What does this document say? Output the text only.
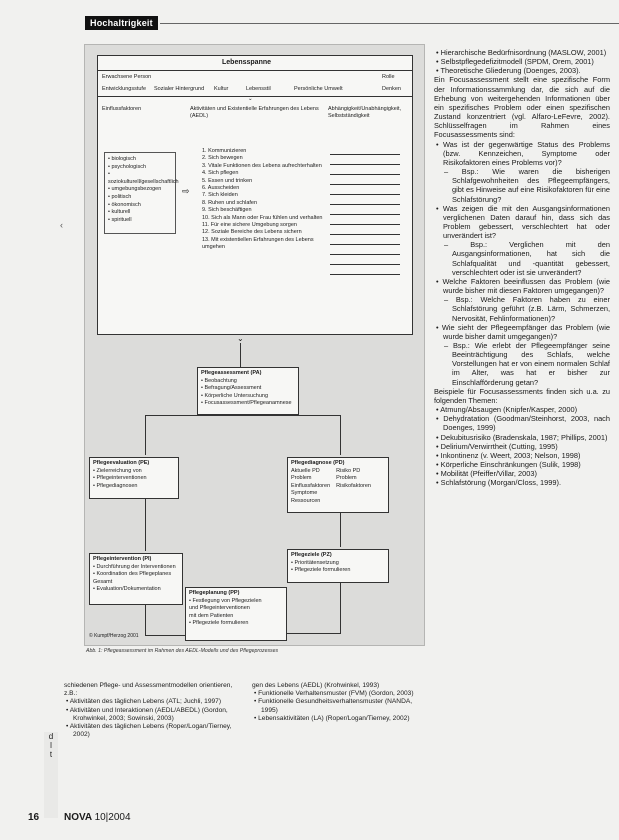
Hochaltrigkeit
Lebensspanne
Erwachsene Person	Rolle
Entwicklungsstufe Sozialer Hintergrund Kultur	Lebensstil	Persönliche Umwelt	Denken
⌄
Einflussfaktoren	Aktivitäten und Existentielle Erfahrungen des Lebens (AEDL)
Abhängigkeit/Unabhängigkeit, Selbstständigkeit
• biologisch
• psychologisch
• soziokulturell/gesellschaftlich
• umgebungsbezogen
• politisch
• ökonomisch
• kulturell
• spirituell
⇨
1. Kommunizieren
2. Sich bewegen
3. Vitale Funktionen des Lebens aufrechterhalten
4. Sich pflegen
5. Essen und trinken
6. Ausscheiden
7. Sich kleiden
8. Ruhen und schlafen
9. Sich beschäftigen
10. Sich als Mann oder Frau fühlen und verhalten
11. Für eine sichere Umgebung sorgen
12. Soziale Bereiche des Lebens sichern
13. Mit existentiellen Erfahrungen des Lebens umgehen
⌄
Pflegeassessment (PA)
• Beobachtung
• Befragung/Assessment
• Körperliche Untersuchung
• Focusassessment/Pflegeanamnese
Pflegeevaluation (PE)
• Zielerreichung von
• Pflegeinterventionen
• Pflegediagnosen
Pflegediagnose (PD)
Aktuelle PD
Problem
Einflussfaktoren
Symptome
Ressourcen
Risiko PD
Problem
Risikofaktoren
Pflegeintervention (PI)
• Durchführung der Interventionen
• Koordination des Pflegeplanes
Gesamt
• Evaluation/Dokumentation
Pflegeziele (PZ)
• Prioritätensetzung
• Pflegeziele formulieren
Pflegeplanung (PP)
• Festlegung von Pflegezielen
und Pflegeinterventionen
mit dem Patienten
• Pflegeziele formulieren
© Kumpf/Herzog 2001
Abb. 1: Pflegeassessment im Rahmen des AEDL-Modells und des Pflegeprozesses
‹

• Hierarchische Bedürfnisordnung (MASLOW, 2001)

• Selbstpflegedefizitmodell (SPDM, Orem, 2001)

• Theoretische Gliederung (Doenges, 2003).

Ein Focusassessment stellt eine spezifische Form der Informationssammlung dar, die sich auf die Erhebung von weitergehenden Informationen über ein spezifisches Problem oder einen spezifischen Zustand konzentriert (vgl. Alfaro-LeFevre, 2002). Schlüsselfragen im Rahmen eines Focusassessments sind:

• Was ist der gegenwärtige Status des Problems (bzw. Kennzeichen, Symptome oder Risikofaktoren eines Problems vor)?

– Bsp.: Wie waren die bisherigen Schlafgewohnheiten des Pflegeempfängers, gibt es Hinweise auf eine Risikofaktoren für eine Schlafstörung?

• Was zeigen die mit den Ausgangsinformationen verglichenen Daten darauf hin, dass sich das Problem gebessert, verschlechtert hat oder unverändert ist?

– Bsp.: Verglichen mit den Ausgangsinformationen, hat sich die Schlafqualität und -quantität gebessert, verschlechtert oder ist sie unverändert?

• Welche Faktoren beeinflussen das Problem (wie wurde bisher mit diesen Faktoren umgegangen)?

– Bsp.: Welche Faktoren haben zu einer Schlafstörung geführt (z.B. Lärm, Schmerzen, Nervosität, Fehlinformationen)?

• Wie sieht der Pflegeempfänger das Problem (wie wurde bisher damit umgegangen)?

– Bsp.: Wie erlebt der Pflegeempfänger seine Beeinträchtigung des Schlafs, welche Vorstellungen hat er von einem normalen Schlaf im Alter, was hat er bisher zur Einschlafförderung getan?

Beispiele für Focusassessments finden sich u.a. zu folgenden Themen:

• Atmung/Absaugen (Knipfer/Kasper, 2000)

• Dehydratation (Goodman/Steinhorst, 2003, nach Doenges, 1999)

• Dekubitusrisiko (Bradenskala, 1987; Phillips, 2001)

• Delirium/Verwirrtheit (Cutting, 1995)

• Inkontinenz (v. Weert, 2003; Nelson, 1998)

• Körperliche Einschränkungen (Sulik, 1998)

• Mobilität (Pfeiffer/Villar, 2003)

• Schlafstörung (Morgan/Closs, 1999).

schiedenen Pflege- und Assessmentmodellen orientieren, z.B.:

• Aktivitäten des täglichen Lebens (ATL; Juchli, 1997)

• Aktivitäten und Interaktionen (AEDL/ABEDL) (Gordon, Krohwinkel, 2003; Sowinski, 2003)

• Aktivitäten des täglichen Lebens (Roper/Logan/Tierney, 2002)

gen des Lebens (AEDL) (Krohwinkel, 1993)

• Funktionelle Verhaltensmuster (FVM) (Gordon, 2003)

• Funktionelle Gesundheitsverhaltensmuster (NANDA, 1995)

• Lebensaktivitäten (LA) (Roper/Logan/Tierney, 2002)

d
l
t
16 NOVA 10|2004
